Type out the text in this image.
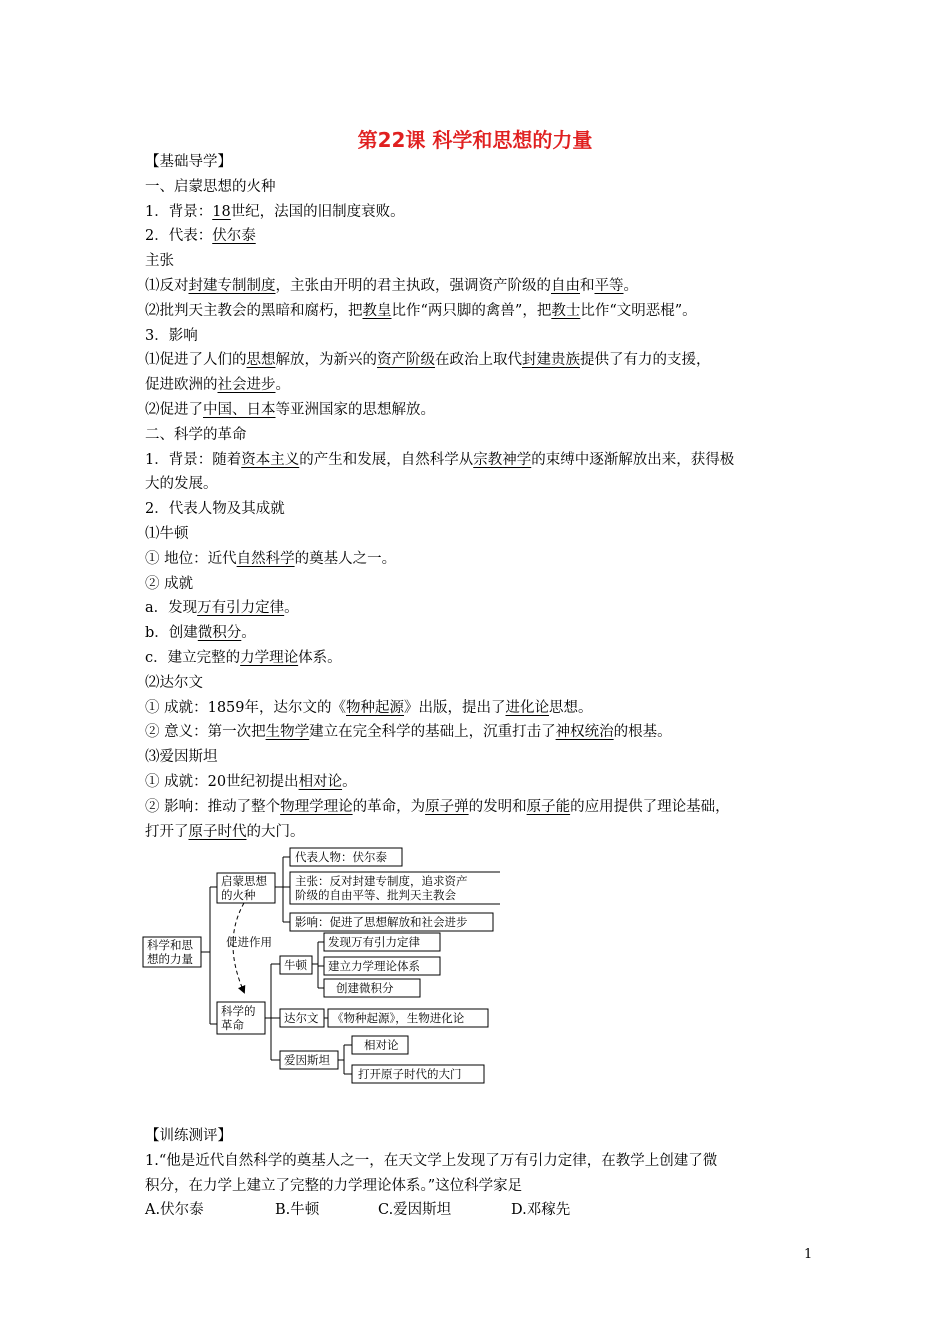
第22课 科学和思想的力量

【基础导学】

一、启蒙思想的火种

1．背景：18世纪，法国的旧制度衰败。

2．代表：伏尔泰

主张

⑴反对封建专制制度，主张由开明的君主执政，强调资产阶级的自由和平等。

⑵批判天主教会的黑暗和腐朽，把教皇比作“两只脚的禽兽”，把教士比作“文明恶棍”。

3．影响

⑴促进了人们的思想解放，为新兴的资产阶级在政治上取代封建贵族提供了有力的支援，

促进欧洲的社会进步。

⑵促进了中国、日本等亚洲国家的思想解放。

二、科学的革命

1．背景：随着资本主义的产生和发展，自然科学从宗教神学的束缚中逐渐解放出来，获得极

大的发展。

2．代表人物及其成就

⑴牛顿

① 地位：近代自然科学的奠基人之一。

② 成就

a．发现万有引力定律。

b．创建微积分。

c．建立完整的力学理论体系。

⑵达尔文

① 成就：1859年，达尔文的《物种起源》出版，提出了进化论思想。

② 意义：第一次把生物学建立在完全科学的基础上，沉重打击了神权统治的根基。

⑶爱因斯坦

① 成就：20世纪初提出相对论。

② 影响：推动了整个物理学理论的革命，为原子弹的发明和原子能的应用提供了理论基础，

打开了原子时代的大门。

科学和思
想的力量
启蒙思想
的火种
代表人物：伏尔泰
主张：反对封建专制度，追求资产
阶级的自由平等、批判天主教会
影响：促进了思想解放和社会进步
促进作用
科学的
革命
牛顿
发现万有引力定律
建立力学理论体系
创建微积分
达尔文 《物种起源》，生物进化论
爱因斯坦
相对论
打开原子时代的大门

【训练测评】

1.“他是近代自然科学的奠基人之一，在天文学上发现了万有引力定律，在教学上创建了微

积分，在力学上建立了完整的力学理论体系。”这位科学家足

A.伏尔泰	B.牛顿	C.爱因斯坦	D.邓稼先
1
